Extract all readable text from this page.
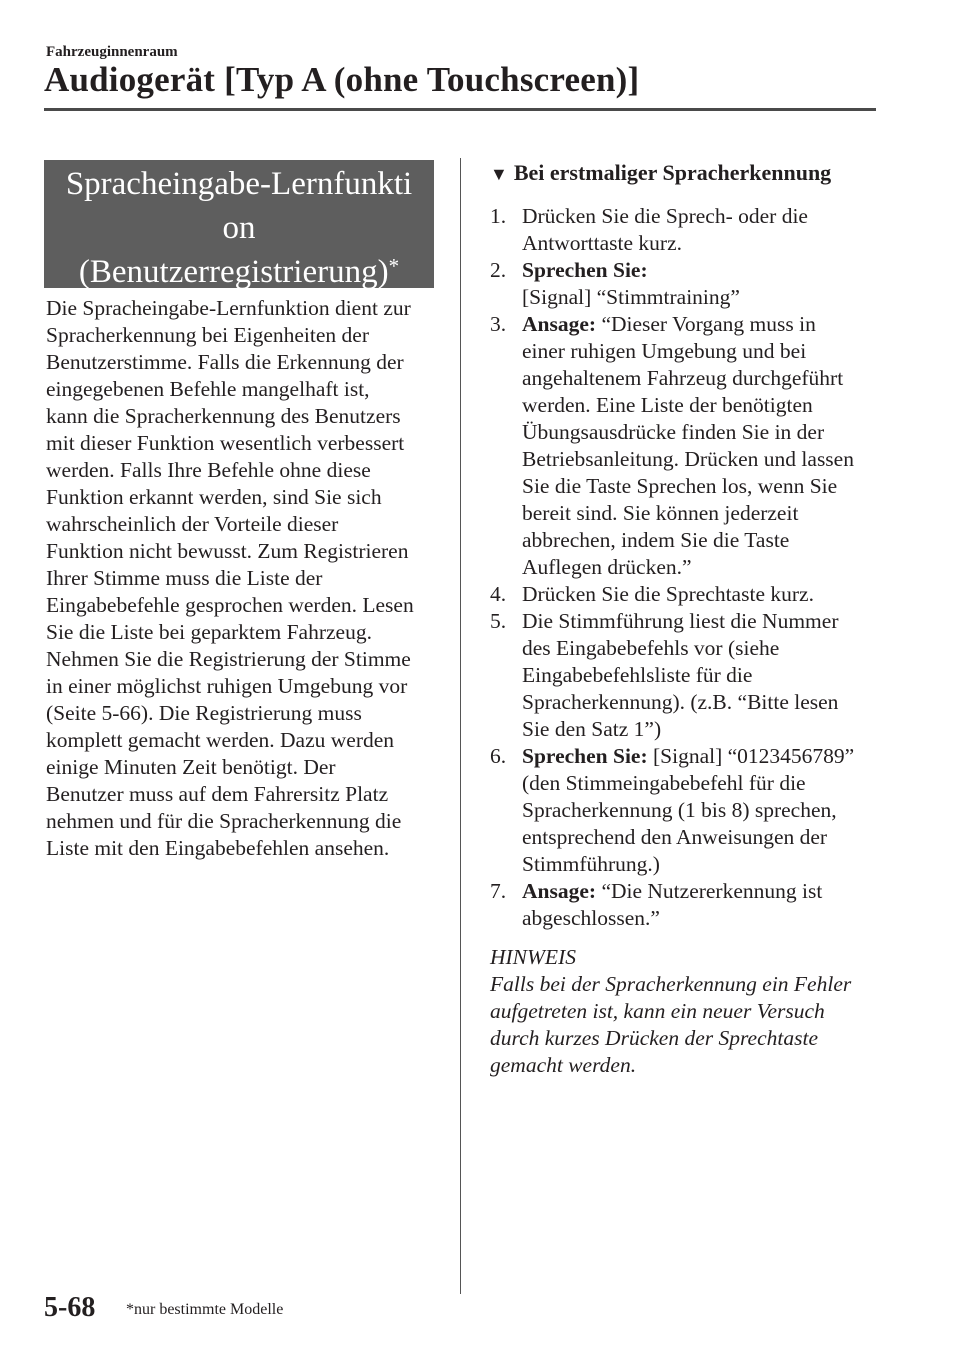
Fahrzeuginnenraum
Audiogerät [Typ A (ohne Touchscreen)]
Spracheingabe-Lernfunkti
on
(Benutzerregistrierung)*

Die Spracheingabe-Lernfunktion dient zur

Spracherkennung bei Eigenheiten der

Benutzerstimme. Falls die Erkennung der

eingegebenen Befehle mangelhaft ist,

kann die Spracherkennung des Benutzers

mit dieser Funktion wesentlich verbessert

werden. Falls Ihre Befehle ohne diese

Funktion erkannt werden, sind Sie sich

wahrscheinlich der Vorteile dieser

Funktion nicht bewusst. Zum Registrieren

Ihrer Stimme muss die Liste der

Eingabebefehle gesprochen werden. Lesen

Sie die Liste bei geparktem Fahrzeug.

Nehmen Sie die Registrierung der Stimme

in einer möglichst ruhigen Umgebung vor

(Seite 5-66). Die Registrierung muss

komplett gemacht werden. Dazu werden

einige Minuten Zeit benötigt. Der

Benutzer muss auf dem Fahrersitz Platz

nehmen und für die Spracherkennung die

Liste mit den Eingabebefehlen ansehen.

▼ Bei erstmaliger Spracherkennung
1. Drücken Sie die Sprech- oder die

Antworttaste kurz.

2. Sprechen Sie:

[Signal] “Stimmtraining”

3. Ansage: “Dieser Vorgang muss in

einer ruhigen Umgebung und bei

angehaltenem Fahrzeug durchgeführt

werden. Eine Liste der benötigten

Übungsausdrücke finden Sie in der

Betriebsanleitung. Drücken und lassen

Sie die Taste Sprechen los, wenn Sie

bereit sind. Sie können jederzeit

abbrechen, indem Sie die Taste

Auflegen drücken.”

4. Drücken Sie die Sprechtaste kurz.

5. Die Stimmführung liest die Nummer

des Eingabebefehls vor (siehe

Eingabebefehlsliste für die

Spracherkennung). (z.B. “Bitte lesen

Sie den Satz 1”)

6. Sprechen Sie: [Signal] “0123456789”

(den Stimmeingabebefehl für die

Spracherkennung (1 bis 8) sprechen,

entsprechend den Anweisungen der

Stimmführung.)

7. Ansage: “Die Nutzererkennung ist

abgeschlossen.”

HINWEIS

Falls bei der Spracherkennung ein Fehler

aufgetreten ist, kann ein neuer Versuch

durch kurzes Drücken der Sprechtaste

gemacht werden.

5-68 *nur bestimmte Modelle
